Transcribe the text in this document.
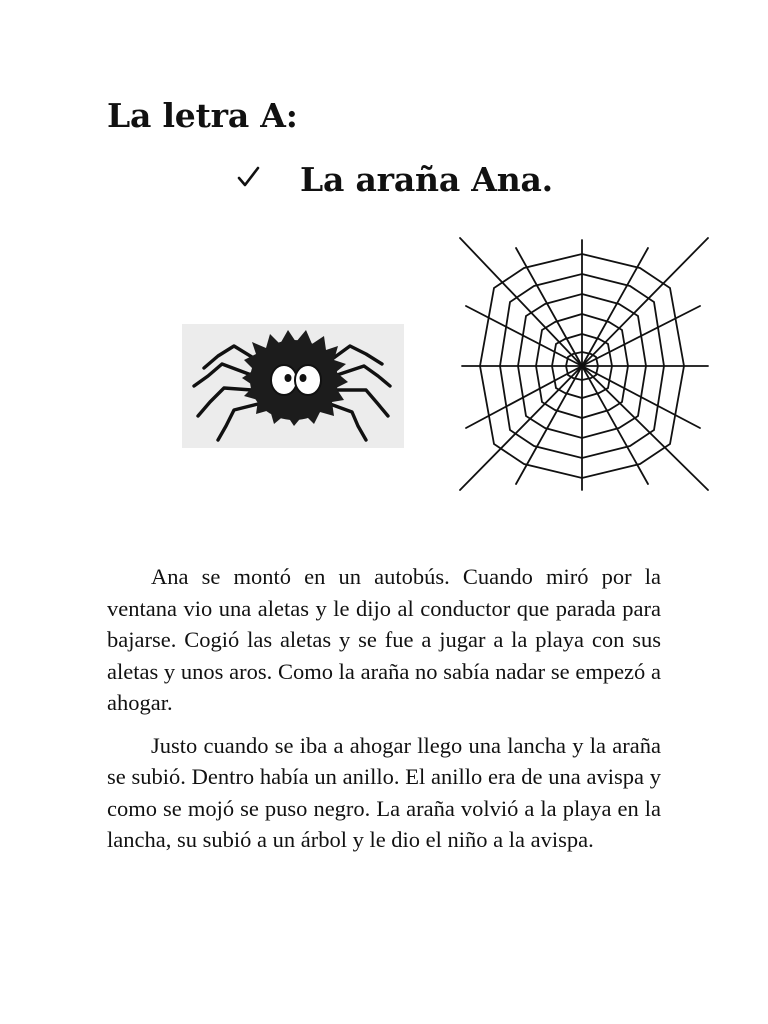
La letra A:
La araña Ana.

Ana se montó en un autobús. Cuando miró por la ventana vio una aletas y le dijo al conductor que parada para bajarse. Cogió las aletas y se fue a jugar a la playa con sus aletas y unos aros. Como la araña no sabía nadar se empezó a ahogar.

Justo cuando se iba a ahogar llego una lancha y la araña se subió. Dentro había un anillo. El anillo era de una avispa y como se mojó se puso negro. La araña volvió a la playa en la lancha, su subió a un árbol y le dio el niño a la avispa.
